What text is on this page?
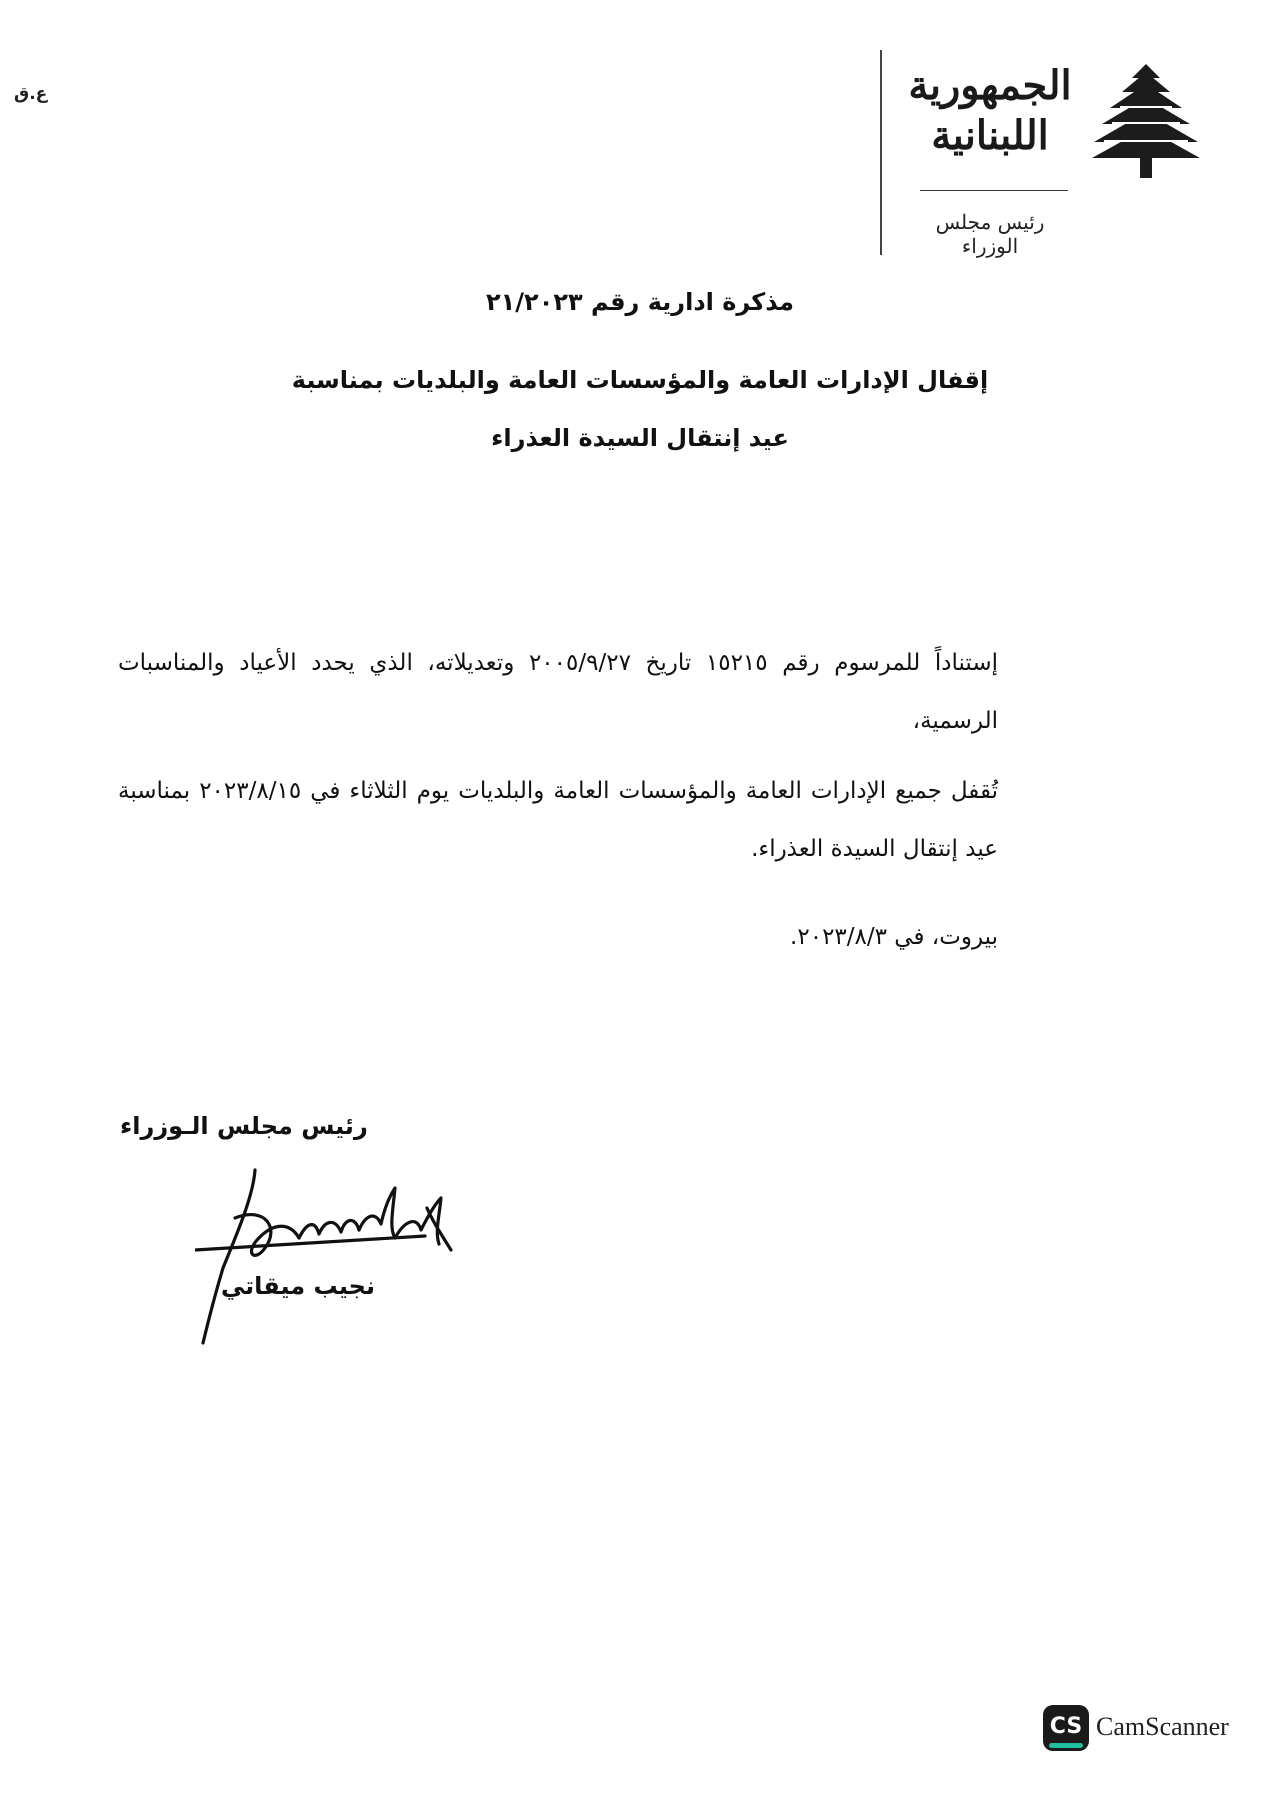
ع.ق	الجمهورية
اللبنانية
رئيس مجلس الوزراء
مذكرة ادارية رقم ٢١/٢٠٢٣
إقفال الإدارات العامة والمؤسسات العامة والبلديات بمناسبة
عيد إنتقال السيدة العذراء
إستناداً للمرسوم رقم ١٥٢١٥ تاريخ ٢٠٠٥/٩/٢٧ وتعديلاته، الذي يحدد الأعياد والمناسبات الرسمية،
تُقفل جميع الإدارات العامة والمؤسسات العامة والبلديات يوم الثلاثاء في ٢٠٢٣/٨/١٥ بمناسبة عيد إنتقال السيدة العذراء.
بيروت، في ٢٠٢٣/٨/٣.
رئيس مجلس الـوزراء
نجيب ميقاتي
CS CamScanner
